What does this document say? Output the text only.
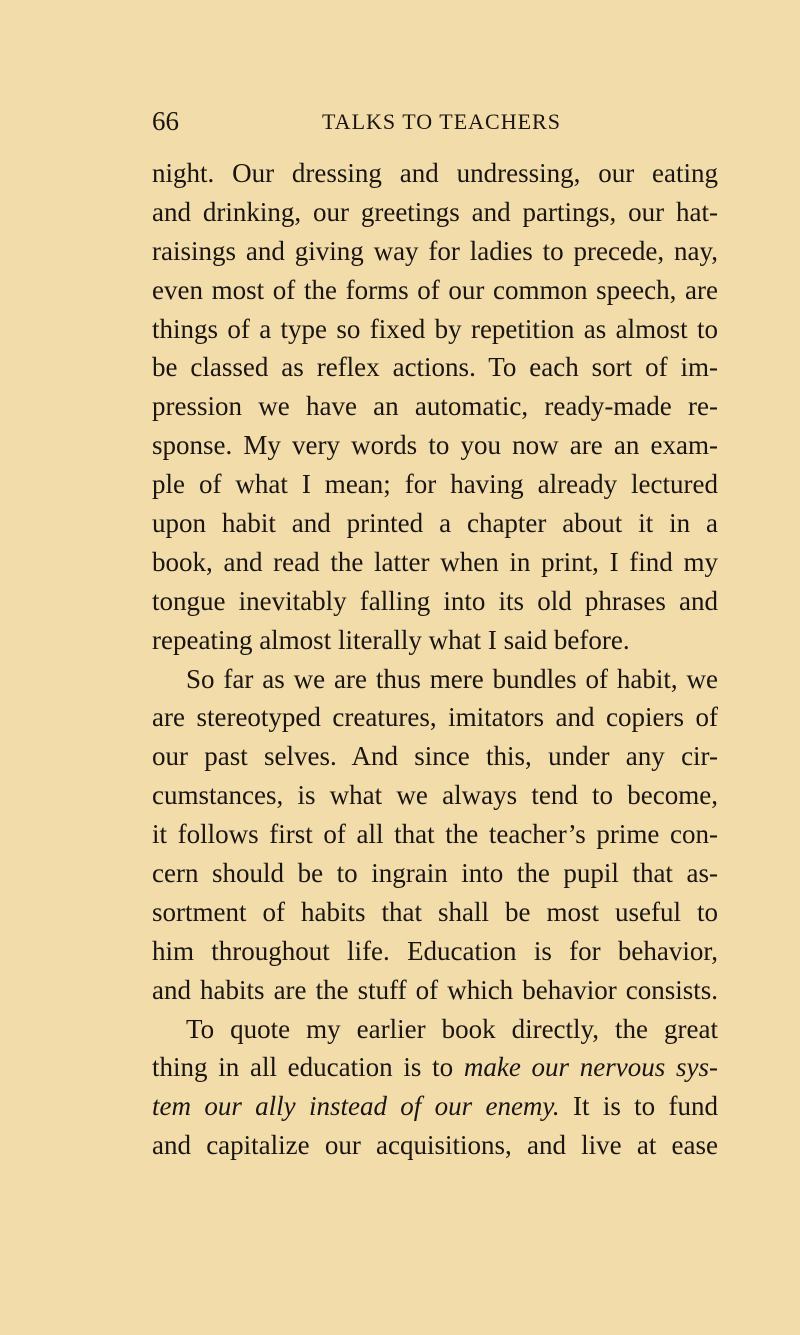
66	TALKS TO TEACHERS
night. Our dressing and undressing, our eating
and drinking, our greetings and partings, our hat-
raisings and giving way for ladies to precede, nay,
even most of the forms of our common speech, are
things of a type so fixed by repetition as almost to
be classed as reflex actions. To each sort of im-
pression we have an automatic, ready-made re-
sponse. My very words to you now are an exam-
ple of what I mean; for having already lectured
upon habit and printed a chapter about it in a
book, and read the latter when in print, I find my
tongue inevitably falling into its old phrases and
repeating almost literally what I said before.
So far as we are thus mere bundles of habit, we
are stereotyped creatures, imitators and copiers of
our past selves. And since this, under any cir-
cumstances, is what we always tend to become,
it follows first of all that the teacher’s prime con-
cern should be to ingrain into the pupil that as-
sortment of habits that shall be most useful to
him throughout life. Education is for behavior,
and habits are the stuff of which behavior consists.
To quote my earlier book directly, the great
thing in all education is to make our nervous sys-
tem our ally instead of our enemy. It is to fund
and capitalize our acquisitions, and live at ease
